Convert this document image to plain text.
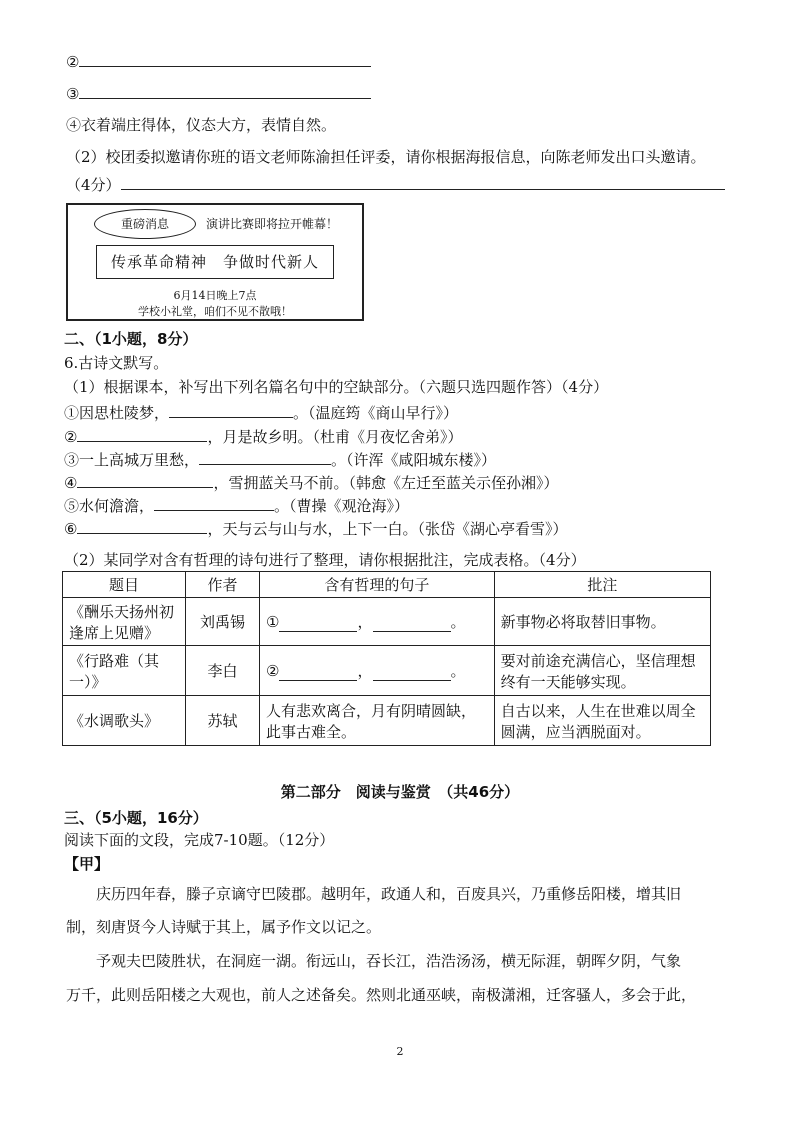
②
③
④衣着端庄得体，仪态大方，表情自然。
（2）校团委拟邀请你班的语文老师陈渝担任评委，请你根据海报信息，向陈老师发出口头邀请。
（4分）
重磅消息	演讲比赛即将拉开帷幕！
传承革命精神　争做时代新人
6月14日晚上7点
学校小礼堂，咱们不见不散哦！
二、（1小题，8分）
6.古诗文默写。
（1）根据课本，补写出下列名篇名句中的空缺部分。（六题只选四题作答）（4分）
①因思杜陵梦，	。（温庭筠《商山早行》）
②	，月是故乡明。（杜甫《月夜忆舍弟》）
③一上高城万里愁，	。（许浑《咸阳城东楼》）
④	，雪拥蓝关马不前。（韩愈《左迁至蓝关示侄孙湘》）
⑤水何澹澹，	。（曹操《观沧海》）
⑥	，天与云与山与水，上下一白。（张岱《湖心亭看雪》）
（2）某同学对含有哲理的诗句进行了整理，请你根据批注，完成表格。（4分）
题目	作者	含有哲理的句子	批注
《酬乐天扬州初逢席上见赠》	刘禹锡	① ， 。	新事物必将取替旧事物。
《行路难（其一）》	李白	② ， 。	要对前途充满信心，坚信理想终有一天能够实现。
《水调歌头》	苏轼	人有悲欢离合，月有阴晴圆缺，此事古难全。	自古以来，人生在世难以周全圆满，应当洒脱面对。
第二部分　阅读与鉴赏　（共46分）
三、（5小题，16分）
阅读下面的文段，完成7-10题。（12分）
【甲】
庆历四年春，滕子京谪守巴陵郡。越明年，政通人和，百废具兴，乃重修岳阳楼，增其旧
制，刻唐贤今人诗赋于其上，属予作文以记之。
予观夫巴陵胜状，在洞庭一湖。衔远山，吞长江，浩浩汤汤，横无际涯，朝晖夕阴，气象
万千，此则岳阳楼之大观也，前人之述备矣。然则北通巫峡，南极潇湘，迁客骚人，多会于此，
2
